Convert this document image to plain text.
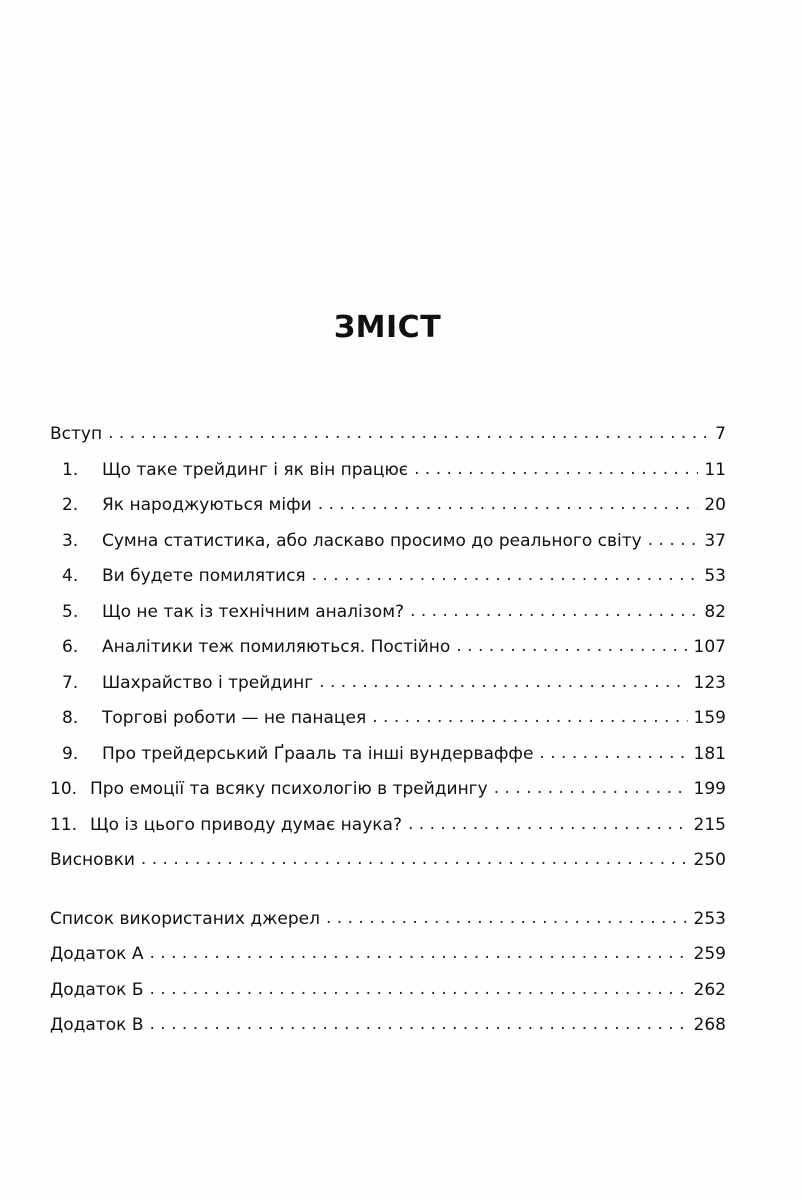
ЗМІСТ
Вступ . . .	7
1.	Що таке трейдинг і як він працює . . .	11
2.	Як народжуються міфи . . .	20
3.	Сумна статистика, або ласкаво просимо до реального світу . . .	37
4.	Ви будете помилятися . . .	53
5.	Що не так із технічним аналізом? . . .	82
6.	Аналітики теж помиляються. Постійно . . .	107
7.	Шахрайство і трейдинг . . .	123
8.	Торгові роботи — не панацея . . .	159
9.	Про трейдерський Ґрааль та інші вундерваффе . . .	181
10. Про емоції та всяку психологію в трейдингу . . .	199
11. Що із цього приводу думає наука? . . .	215
Висновки . . .	250
Список використаних джерел . . .	253
Додаток А . . .	259
Додаток Б . . .	262
Додаток В . . .	268
